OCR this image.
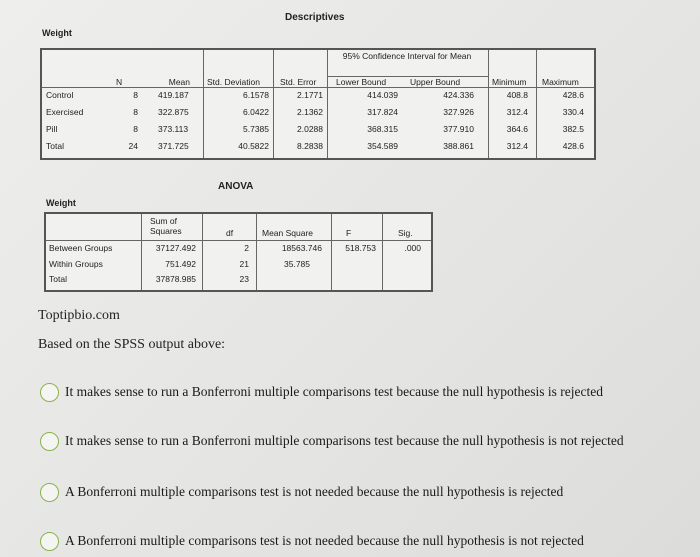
Descriptives
Weight
N	Mean Std. Deviation Std. Error
95% Confidence Interval for Mean
Lower Bound	Upper Bound	Minimum Maximum
Control	8 419.187	6.1578	2.1771	414.039	424.336	408.8	428.6
Exercised	8 322.875	6.0422	2.1362	317.824	327.926	312.4	330.4
Pill	8 373.113	5.7385	2.0288	368.315	377.910	364.6	382.5
Total	24 371.725	40.5822	8.2838	354.589	388.861	312.4	428.6
ANOVA
Weight
Sum of Squares	df	Mean Square	F	Sig.
Between Groups	37127.492	2	18563.746	518.753	.000
Within Groups	751.492	21	35.785
Total	37878.985	23
Toptipbio.com
Based on the SPSS output above:
It makes sense to run a Bonferroni multiple comparisons test because the null hypothesis is rejected
It makes sense to run a Bonferroni multiple comparisons test because the null hypothesis is not rejected
A Bonferroni multiple comparisons test is not needed because the null hypothesis is rejected
A Bonferroni multiple comparisons test is not needed because the null hypothesis is not rejected
